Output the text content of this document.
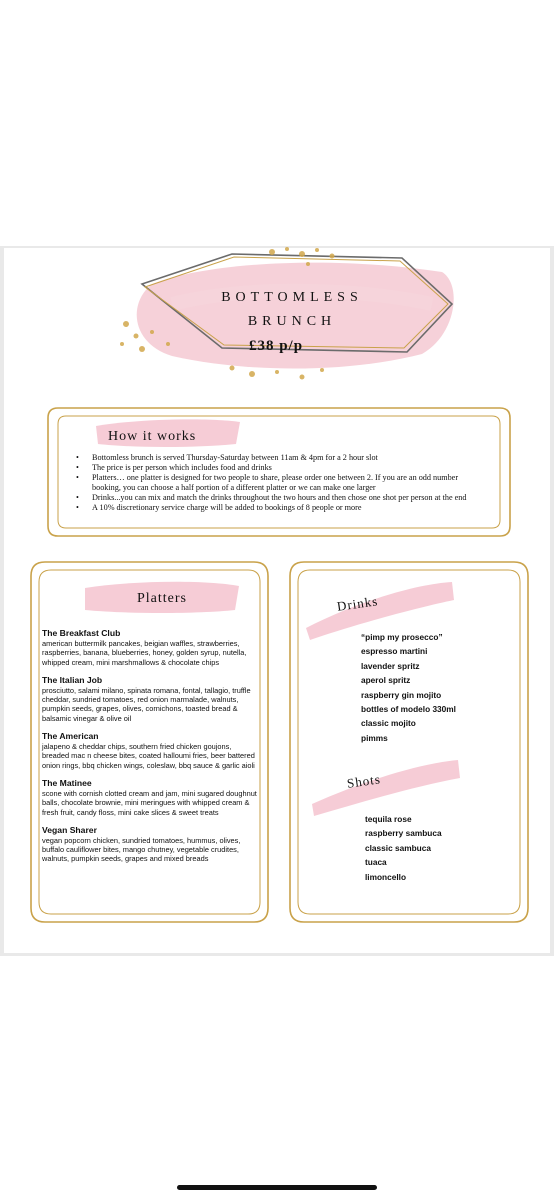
BOTTOMLESS
BRUNCH
£38 p/p
How it works
• Bottomless brunch is served Thursday-Saturday between 11am & 4pm for a 2 hour slot
• The price is per person which includes food and drinks
• Platters… one platter is designed for two people to share, please order one between 2. If you are an odd number booking, you can choose a half portion of a different platter or we can make one larger
• Drinks...you can mix and match the drinks throughout the two hours and then chose one shot per person at the end
• A 10% discretionary service charge will be added to bookings of 8 people or more
Platters
The Breakfast Club
american buttermilk pancakes, beigian waffles, strawberries, raspberries, banana, blueberries, honey, golden syrup, nutella, whipped cream, mini marshmallows & chocolate chips
The Italian Job
prosciutto, salami milano, spinata romana, fontal, tallagio, truffle cheddar, sundried tomatoes, red onion marmalade, walnuts, pumpkin seeds, grapes, olives, cornichons, toasted bread & balsamic vinegar & olive oil
The American
jalapeno & cheddar chips, southern fried chicken goujons, breaded mac n cheese bites, coated halloumi fries, beer battered onion rings, bbq chicken wings, coleslaw, bbq sauce & garlic aioli
The Matinee
scone with cornish clotted cream and jam, mini sugared doughnut balls, chocolate brownie, mini meringues with whipped cream & fresh fruit, candy floss, mini cake slices & sweet treats
Vegan Sharer
vegan popcorn chicken, sundried tomatoes, hummus, olives, buffalo cauliflower bites, mango chutney, vegetable crudites, walnuts, pumpkin seeds, grapes and mixed breads
Drinks
“pimp my prosecco”
espresso martini
lavender spritz
aperol spritz
raspberry gin mojito
bottles of modelo 330ml
classic mojito
pimms
Shots
tequila rose
raspberry sambuca
classic sambuca
tuaca
limoncello
